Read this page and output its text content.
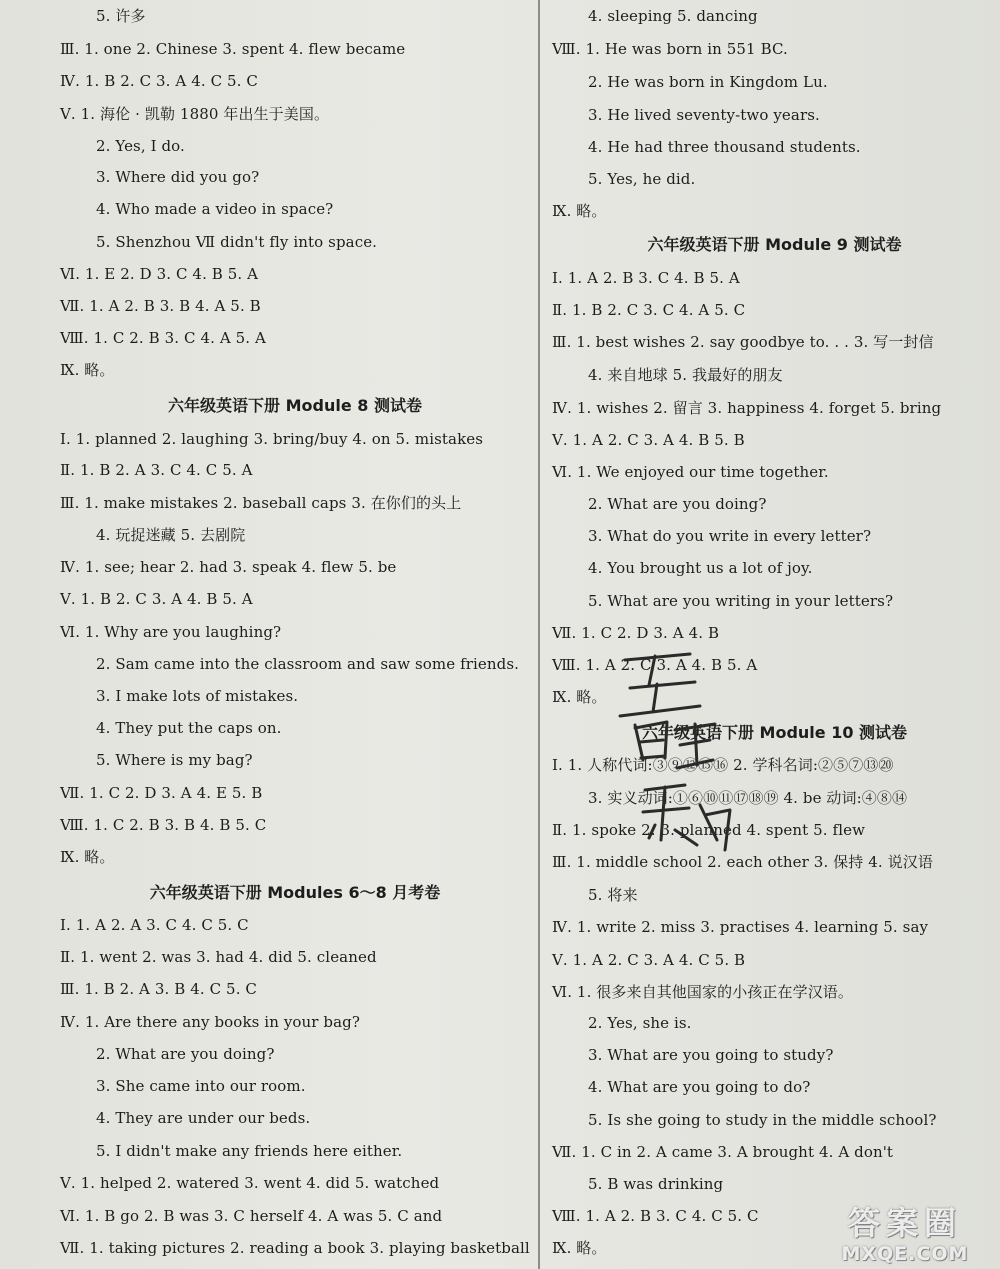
5. 许多
Ⅲ. 1. one 2. Chinese 3. spent 4. flew became
Ⅳ. 1. B 2. C 3. A 4. C 5. C
Ⅴ. 1. 海伦 · 凯勒 1880 年出生于美国。
2. Yes, I do.
3. Where did you go?
4. Who made a video in space?
5. Shenzhou Ⅶ didn't fly into space.
Ⅵ. 1. E 2. D 3. C 4. B 5. A
Ⅶ. 1. A 2. B 3. B 4. A 5. B
Ⅷ. 1. C 2. B 3. C 4. A 5. A
Ⅸ. 略。
六年级英语下册 Module 8 测试卷
Ⅰ. 1. planned 2. laughing 3. bring/buy 4. on 5. mistakes
Ⅱ. 1. B 2. A 3. C 4. C 5. A
Ⅲ. 1. make mistakes 2. baseball caps 3. 在你们的头上
4. 玩捉迷藏 5. 去剧院
Ⅳ. 1. see; hear 2. had 3. speak 4. flew 5. be
Ⅴ. 1. B 2. C 3. A 4. B 5. A
Ⅵ. 1. Why are you laughing?
2. Sam came into the classroom and saw some friends.
3. I make lots of mistakes.
4. They put the caps on.
5. Where is my bag?
Ⅶ. 1. C 2. D 3. A 4. E 5. B
Ⅷ. 1. C 2. B 3. B 4. B 5. C
Ⅸ. 略。
六年级英语下册 Modules 6～8 月考卷
Ⅰ. 1. A 2. A 3. C 4. C 5. C
Ⅱ. 1. went 2. was 3. had 4. did 5. cleaned
Ⅲ. 1. B 2. A 3. B 4. C 5. C
Ⅳ. 1. Are there any books in your bag?
2. What are you doing?
3. She came into our room.
4. They are under our beds.
5. I didn't make any friends here either.
Ⅴ. 1. helped 2. watered 3. went 4. did 5. watched
Ⅵ. 1. B go 2. B was 3. C herself 4. A was 5. C and
Ⅶ. 1. taking pictures 2. reading a book 3. playing basketball
4. sleeping 5. dancing
Ⅷ. 1. He was born in 551 BC.
2. He was born in Kingdom Lu.
3. He lived seventy-two years.
4. He had three thousand students.
5. Yes, he did.
Ⅸ. 略。
六年级英语下册 Module 9 测试卷
Ⅰ. 1. A 2. B 3. C 4. B 5. A
Ⅱ. 1. B 2. C 3. C 4. A 5. C
Ⅲ. 1. best wishes 2. say goodbye to. . . 3. 写一封信
4. 来自地球 5. 我最好的朋友
Ⅳ. 1. wishes 2. 留言 3. happiness 4. forget 5. bring
Ⅴ. 1. A 2. C 3. A 4. B 5. B
Ⅵ. 1. We enjoyed our time together.
2. What are you doing?
3. What do you write in every letter?
4. You brought us a lot of joy.
5. What are you writing in your letters?
Ⅶ. 1. C 2. D 3. A 4. B
Ⅷ. 1. A 2. C 3. A 4. B 5. A
Ⅸ. 略。
六年级英语下册 Module 10 测试卷
Ⅰ. 1. 人称代词:③⑨⑫⑮⑯ 2. 学科名词:②⑤⑦⑬⑳
3. 实义动词:①⑥⑩⑪⑰⑱⑲ 4. be 动词:④⑧⑭
Ⅱ. 1. spoke 2. 3. planned 4. spent 5. flew
Ⅲ. 1. middle school 2. each other 3. 保持 4. 说汉语
5. 将来
Ⅳ. 1. write 2. miss 3. practises 4. learning 5. say
Ⅴ. 1. A 2. C 3. A 4. C 5. B
Ⅵ. 1. 很多来自其他国家的小孩正在学汉语。
2. Yes, she is.
3. What are you going to study?
4. What are you going to do?
5. Is she going to study in the middle school?
Ⅶ. 1. C in 2. A came 3. A brought 4. A don't
5. B was drinking
Ⅷ. 1. A 2. B 3. C 4. C 5. C
Ⅸ. 略。
答案圈
MXQE.COM
